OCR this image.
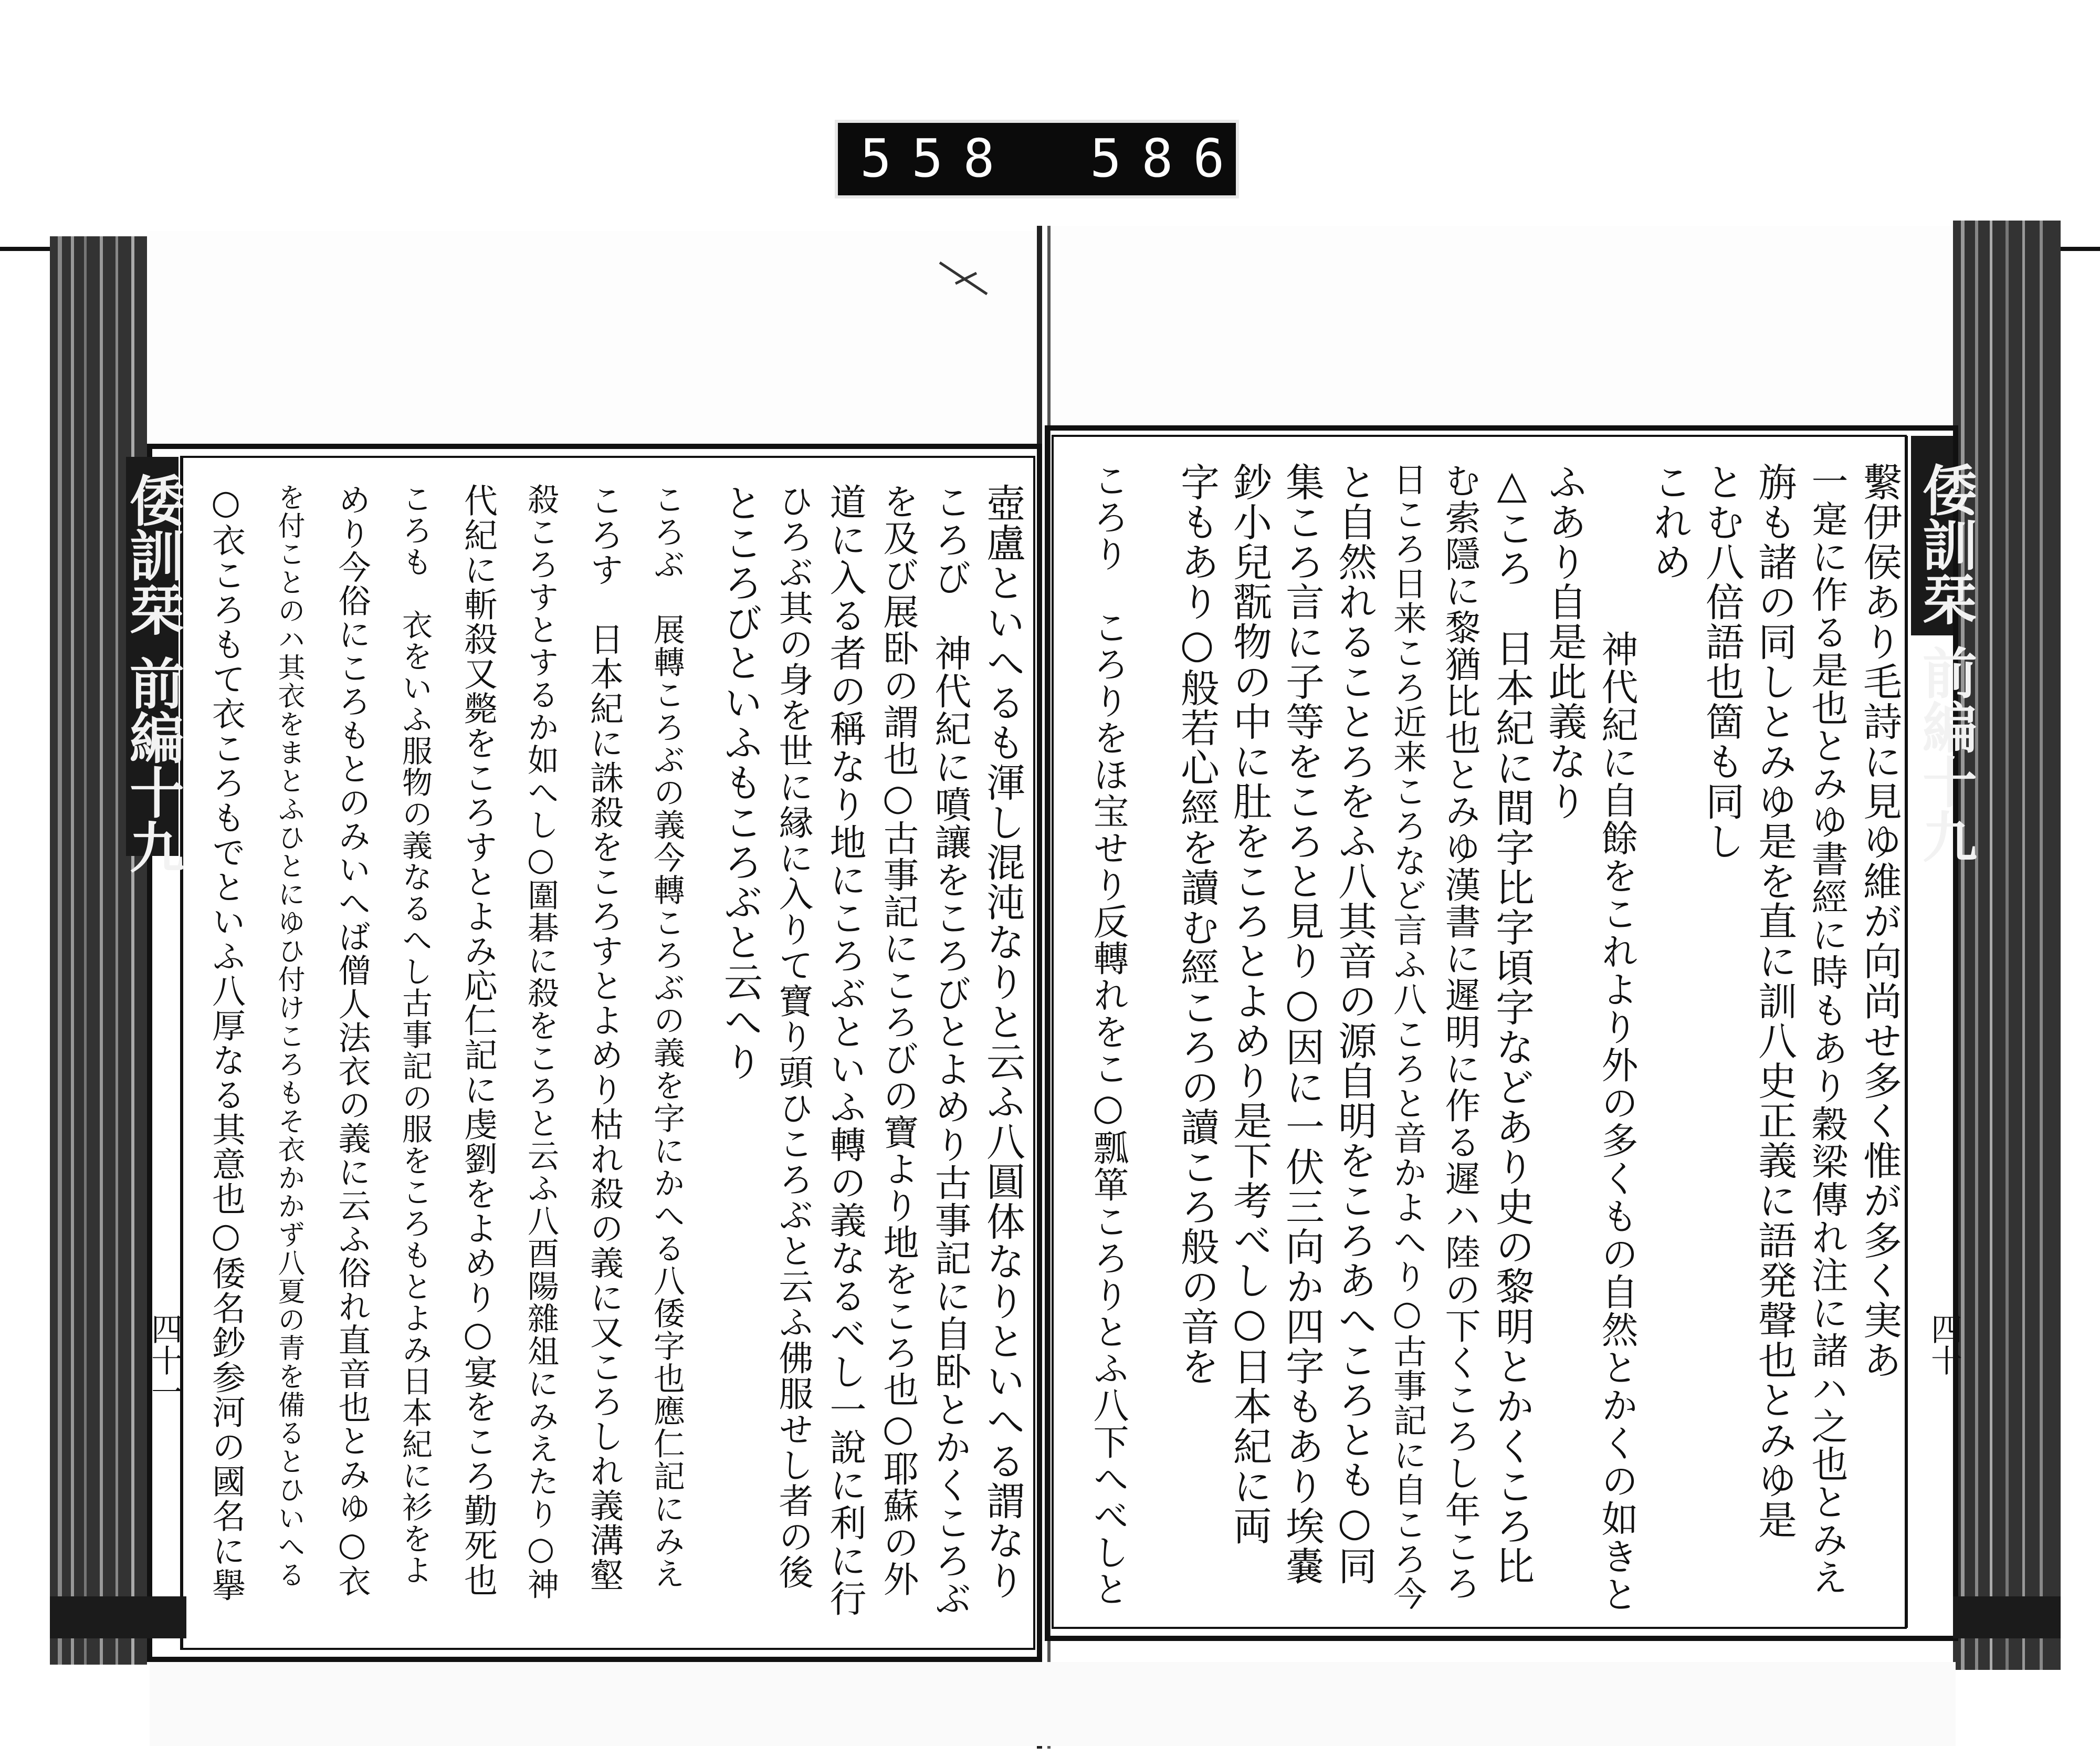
558 586.
倭訓栞 前編十九
四十
倭訓栞 前編十九
四十一	繫伊侯あり毛詩に見ゆ維が向尚せ多く惟が多く実あ
一寔に作る是也とみゆ書經に時もあり穀梁傳れ注に諸ハ之也とみえ
旃も諸の同しとみゆ是を直に訓八史正義に語発聲也とみゆ是
とむ八倍語也箇も同し
これめ
神代紀に自餘をこれより外の多くもの自然とかくの如きと
ふあり自是此義なり
△ころ　日本紀に間字比字頃字などあり史の黎明とかくころ比
む索隱に黎猶比也とみゆ漢書に遲明に作る遲ハ陸の下くころし年ころ
日ころ日来ころ近来ころなど言ふ八ころと音かよへり○古事記に自ころ今
と自然れることろをふ八其音の源自明をころあへころとも○同
集ころ言に子等をころと見り○因に一伏三向か四字もあり埃嚢
鈔小兒翫物の中に肚をころとよめり是下考べし○日本紀に両
字もあり○般若心經を讀む經ころの讀ころ般の音を
ころり　ころりをほ宝せり反轉れをこ○瓢箪ころりとふ八下へべしと
壺盧といへるも渾し混沌なりと云ふ八圓体なりといへる謂なり
ころび　神代紀に噴讓をころびとよめり古事記に自卧とかくころぶ
を及び展卧の謂也○古事記にころびの寶より地をころ也○耶蘇の外
道に入る者の稱なり地にころぶといふ轉の義なるべし一說に利に行
ひろぶ其の身を世に縁に入りて寶り頭ひころぶと云ふ佛服せし者の後
ところびといふもころぶと云へり
ころぶ　展轉ころぶの義今轉ころぶの義を字にかへる八倭字也應仁記にみえ
ころす　日本紀に誅殺をころすとよめり枯れ殺の義に又ころしれ義溝壑
殺ころすとするか如へし○圍碁に殺をころと云ふ八酉陽雜俎にみえたり○神
代紀に斬殺又斃をころすとよみ応仁記に虔劉をよめり○宴をころ勤死也
ころも　衣をいふ服物の義なるへし古事記の服をころもとよみ日本紀に衫をよ
めり今俗にころもとのみいへば僧人法衣の義に云ふ俗れ直音也とみゆ○衣
を付ことのハ其衣をまとふひとにゆひ付けころもそ衣かかず八夏の青を備るとひいへる
○衣ころもて衣ころもでといふ八厚なる其意也○倭名鈔参河の國名に擧
